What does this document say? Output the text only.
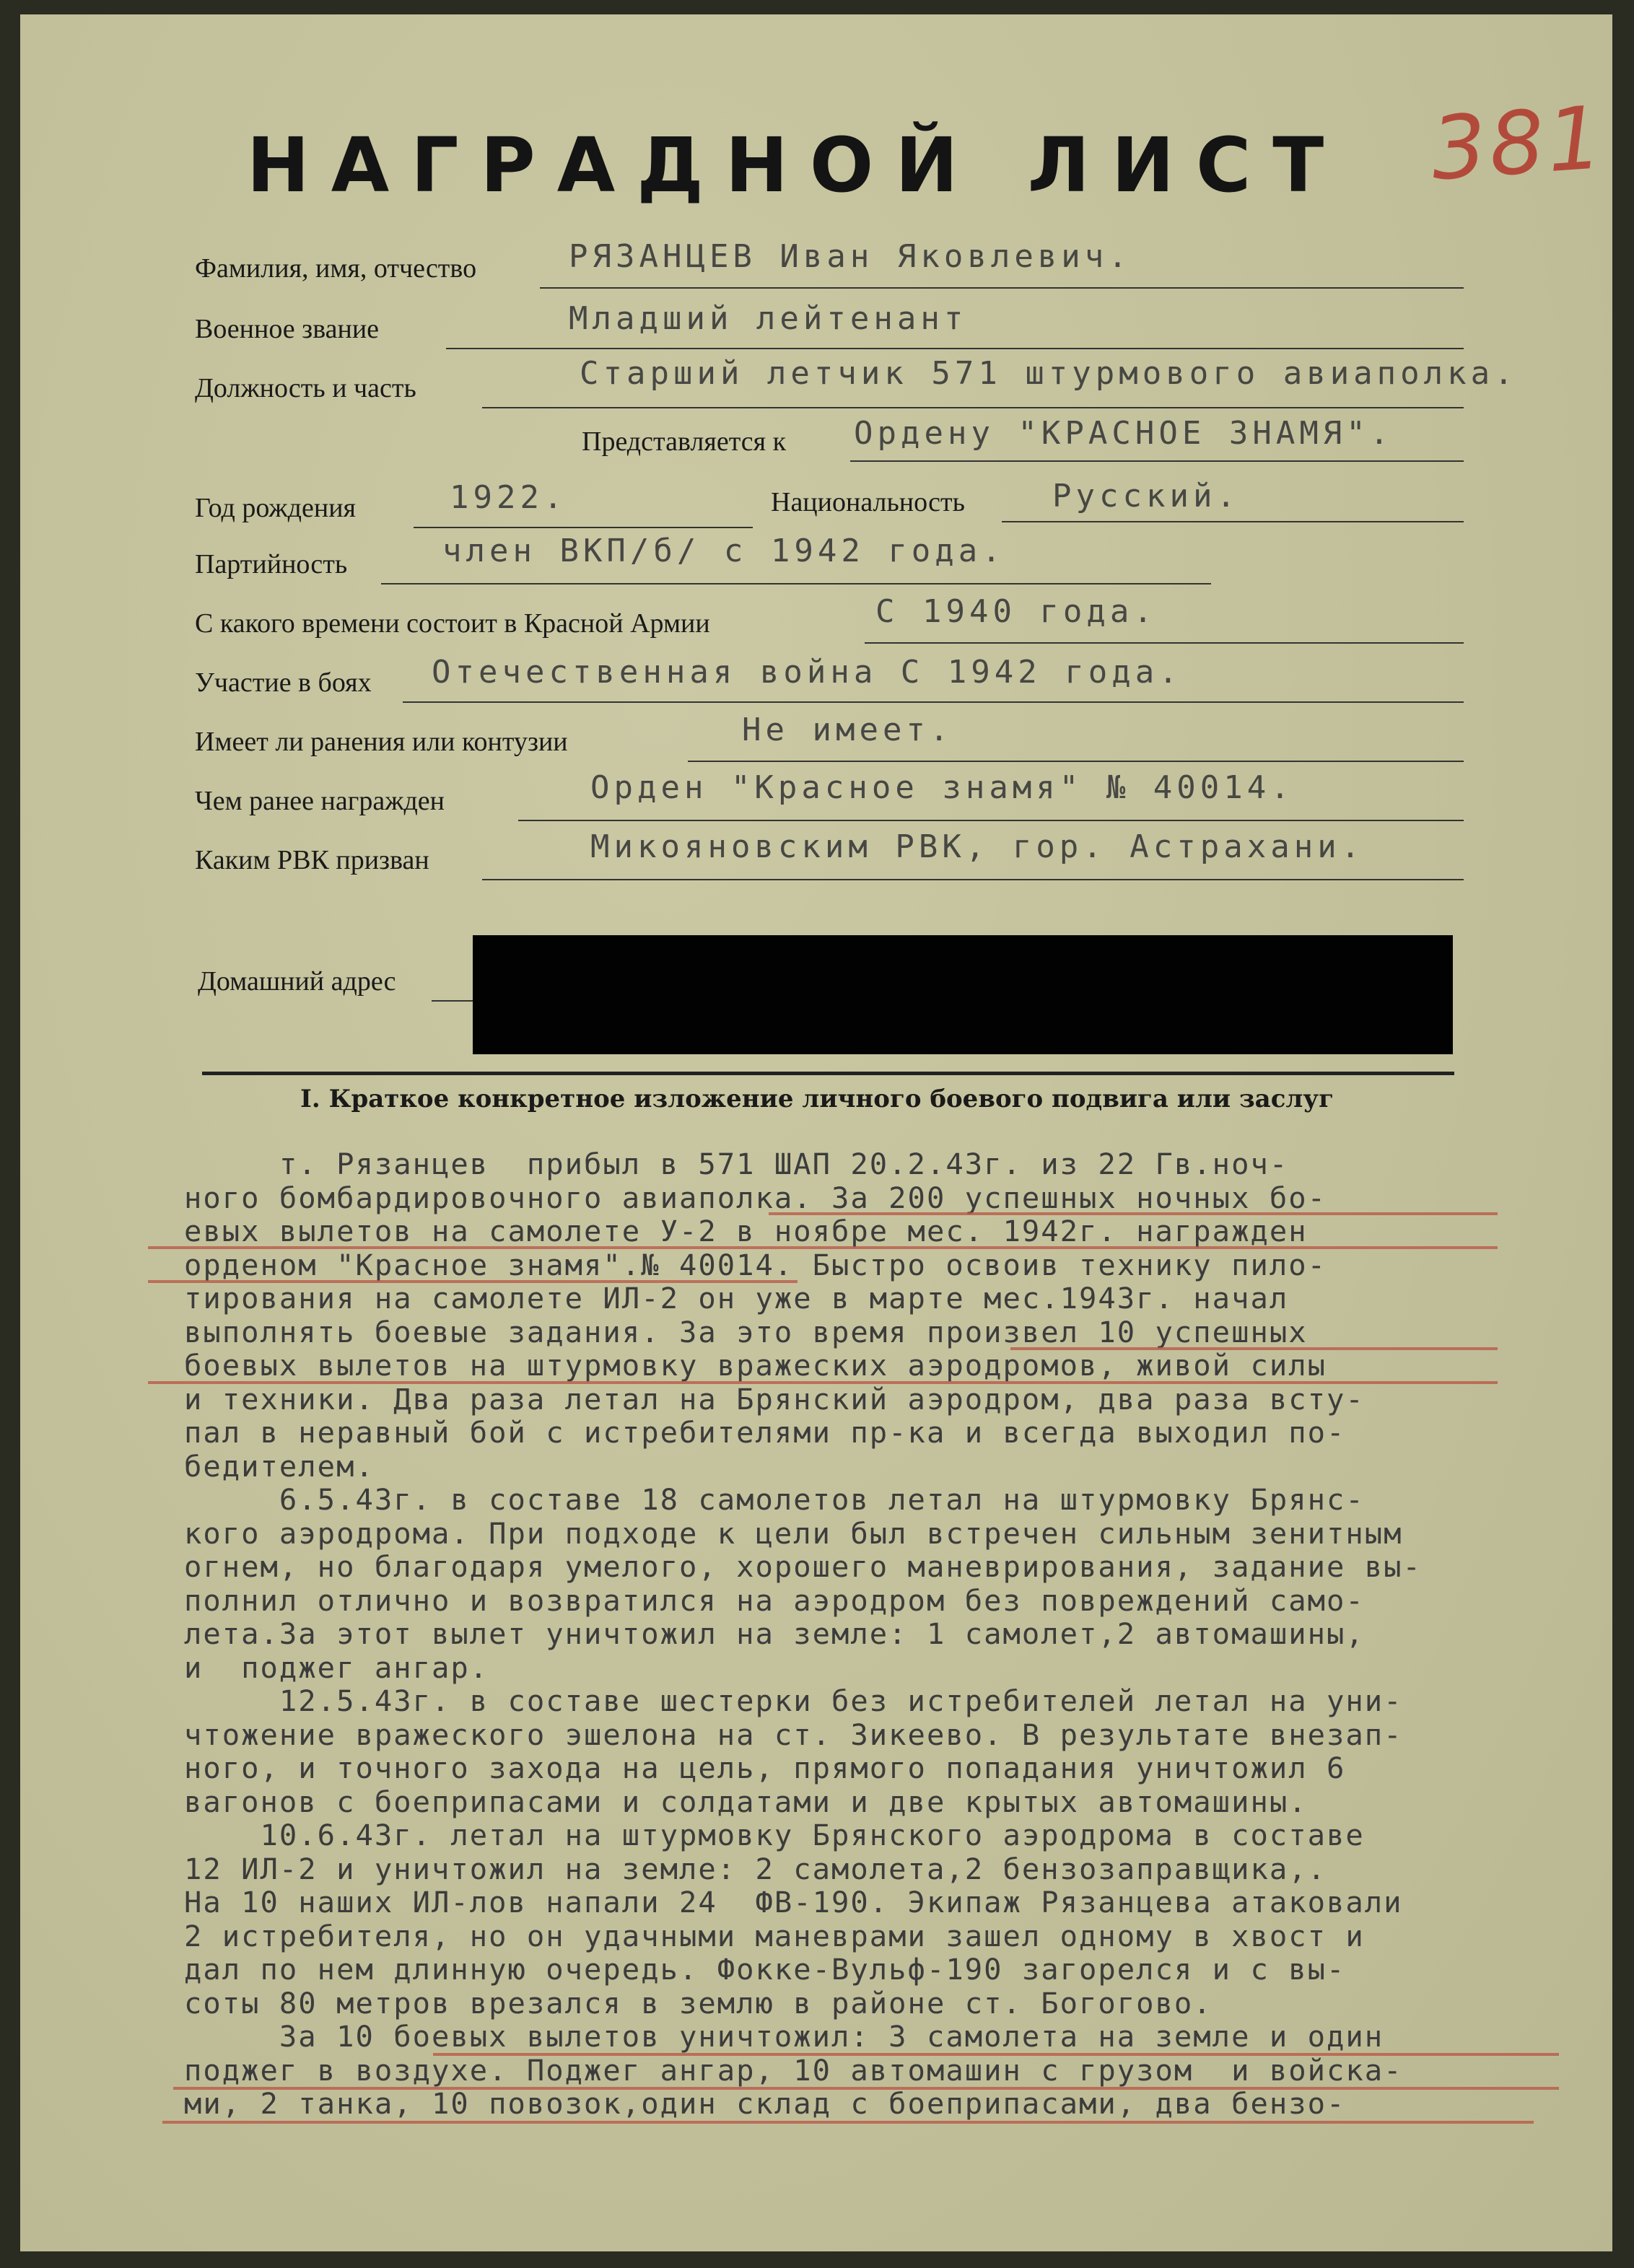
НАГРАДНОЙ ЛИСТ 381
Фамилия, имя, отчество	РЯЗАНЦЕВ Иван Яковлевич.
Военное звание	Младший лейтенант
Должность и часть	Старший летчик 571 штурмового авиаполка.
Представляется к Ордену "КРАСНОЕ ЗНАМЯ".
Год рождения	1922.	Национальность	Русский.
Партийность	член ВКП/б/ с 1942 года.
С какого времени состоит в Красной Армии	С 1940 года.
Участие в боях Отечественная война С 1942 года.
Имеет ли ранения или контузии	Не имеет.
Чем ранее награжден	Орден "Красное знамя" № 40014.
Каким РВК призван	Микояновским РВК, гор. Астрахани.
Домашний адрес
I. Краткое конкретное изложение личного боевого подвига или заслуг

т. Рязанцев  прибыл в 571 ШАП 20.2.43г. из 22 Гв.ноч-

ного бомбардировочного авиаполка. За 200 успешных ночных бо-

евых вылетов на самолете У-2 в ноябре мес. 1942г. награжден

орденом "Красное знамя".№ 40014. Быстро освоив технику пило-

тирования на самолете ИЛ-2 он уже в марте мес.1943г. начал

выполнять боевые задания. За это время произвел 10 успешных

боевых вылетов на штурмовку вражеских аэродромов, живой силы

и техники. Два раза летал на Брянский аэродром, два раза всту-

пал в неравный бой с истребителями пр-ка и всегда выходил по-

бедителем.

6.5.43г. в составе 18 самолетов летал на штурмовку Брянс-

кого аэродрома. При подходе к цели был встречен сильным зенитным

огнем, но благодаря умелого, хорошего маневрирования, задание вы-

полнил отлично и возвратился на аэродром без повреждений само-

лета.За этот вылет уничтожил на земле: 1 самолет,2 автомашины,

и  поджег ангар.

12.5.43г. в составе шестерки без истребителей летал на уни-

чтожение вражеского эшелона на ст. Зикеево. В результате внезап-

ного, и точного захода на цель, прямого попадания уничтожил 6

вагонов с боеприпасами и солдатами и две крытых автомашины.

10.6.43г. летал на штурмовку Брянского аэродрома в составе

12 ИЛ-2 и уничтожил на земле: 2 самолета,2 бензозаправщика,.

На 10 наших ИЛ-лов напали 24  ФВ-190. Экипаж Рязанцева атаковали

2 истребителя, но он удачными маневрами зашел одному в хвост и

дал по нем длинную очередь. Фокке-Вульф-190 загорелся и с вы-

соты 80 метров врезался в землю в районе ст. Богогово.

За 10 боевых вылетов уничтожил: 3 самолета на земле и один

поджег в воздухе. Поджег ангар, 10 автомашин с грузом  и войска-

ми, 2 танка, 10 повозок,один склад с боеприпасами, два бензо-
